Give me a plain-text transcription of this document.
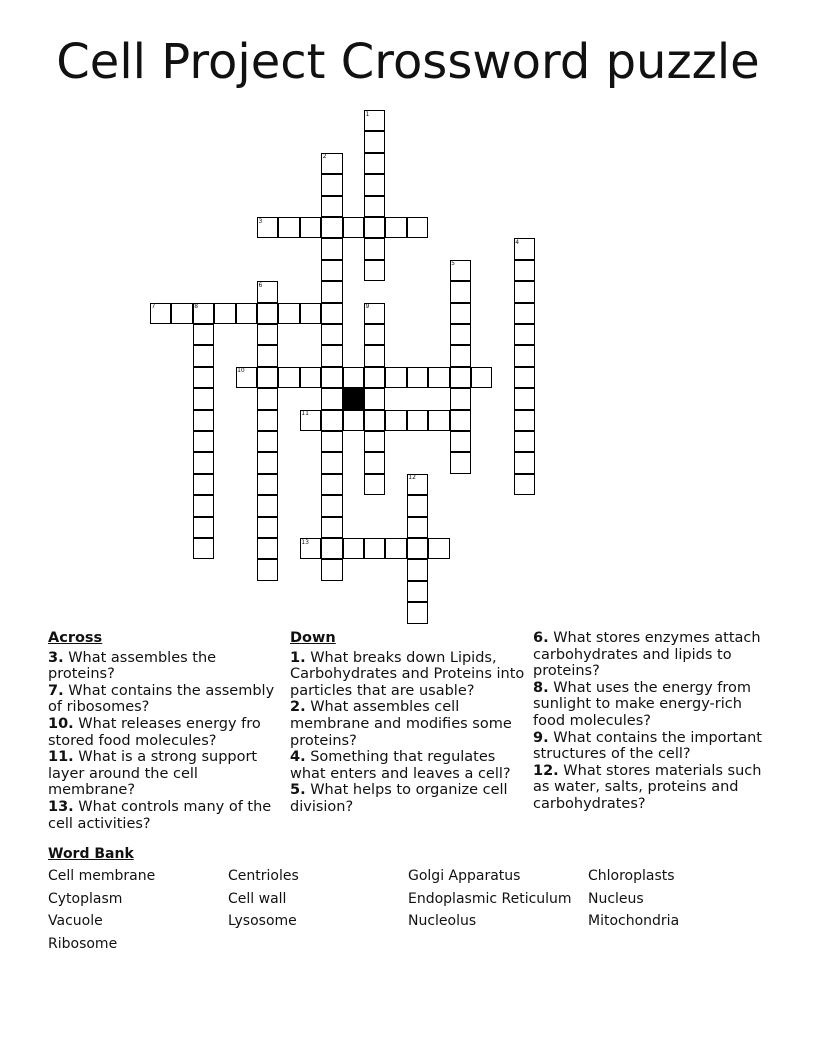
Cell Project Crossword puzzle
1
2
3
4
5
6
7	8	9
10
11
12
13
Across

3. What assembles the proteins?

7. What contains the assembly of ribosomes?

10. What releases energy fro stored food molecules?

11. What is a strong support layer around the cell membrane?

13. What controls many of the cell activities?

Down

1. What breaks down Lipids, Carbohydrates and Proteins into particles that are usable?

2. What assembles cell membrane and modifies some proteins?

4. Something that regulates what enters and leaves a cell?

5. What helps to organize cell division?

6. What stores enzymes attach carbohydrates and lipids to proteins?

8. What uses the energy from sunlight to make energy-rich food molecules?

9. What contains the important structures of the cell?

12. What stores materials such as water, salts, proteins and carbohydrates?

Word Bank
Cell membrane	Centrioles	Golgi Apparatus	Chloroplasts
Cytoplasm	Cell wall	Endoplasmic Reticulum	Nucleus
Vacuole	Lysosome	Nucleolus	Mitochondria
Ribosome
